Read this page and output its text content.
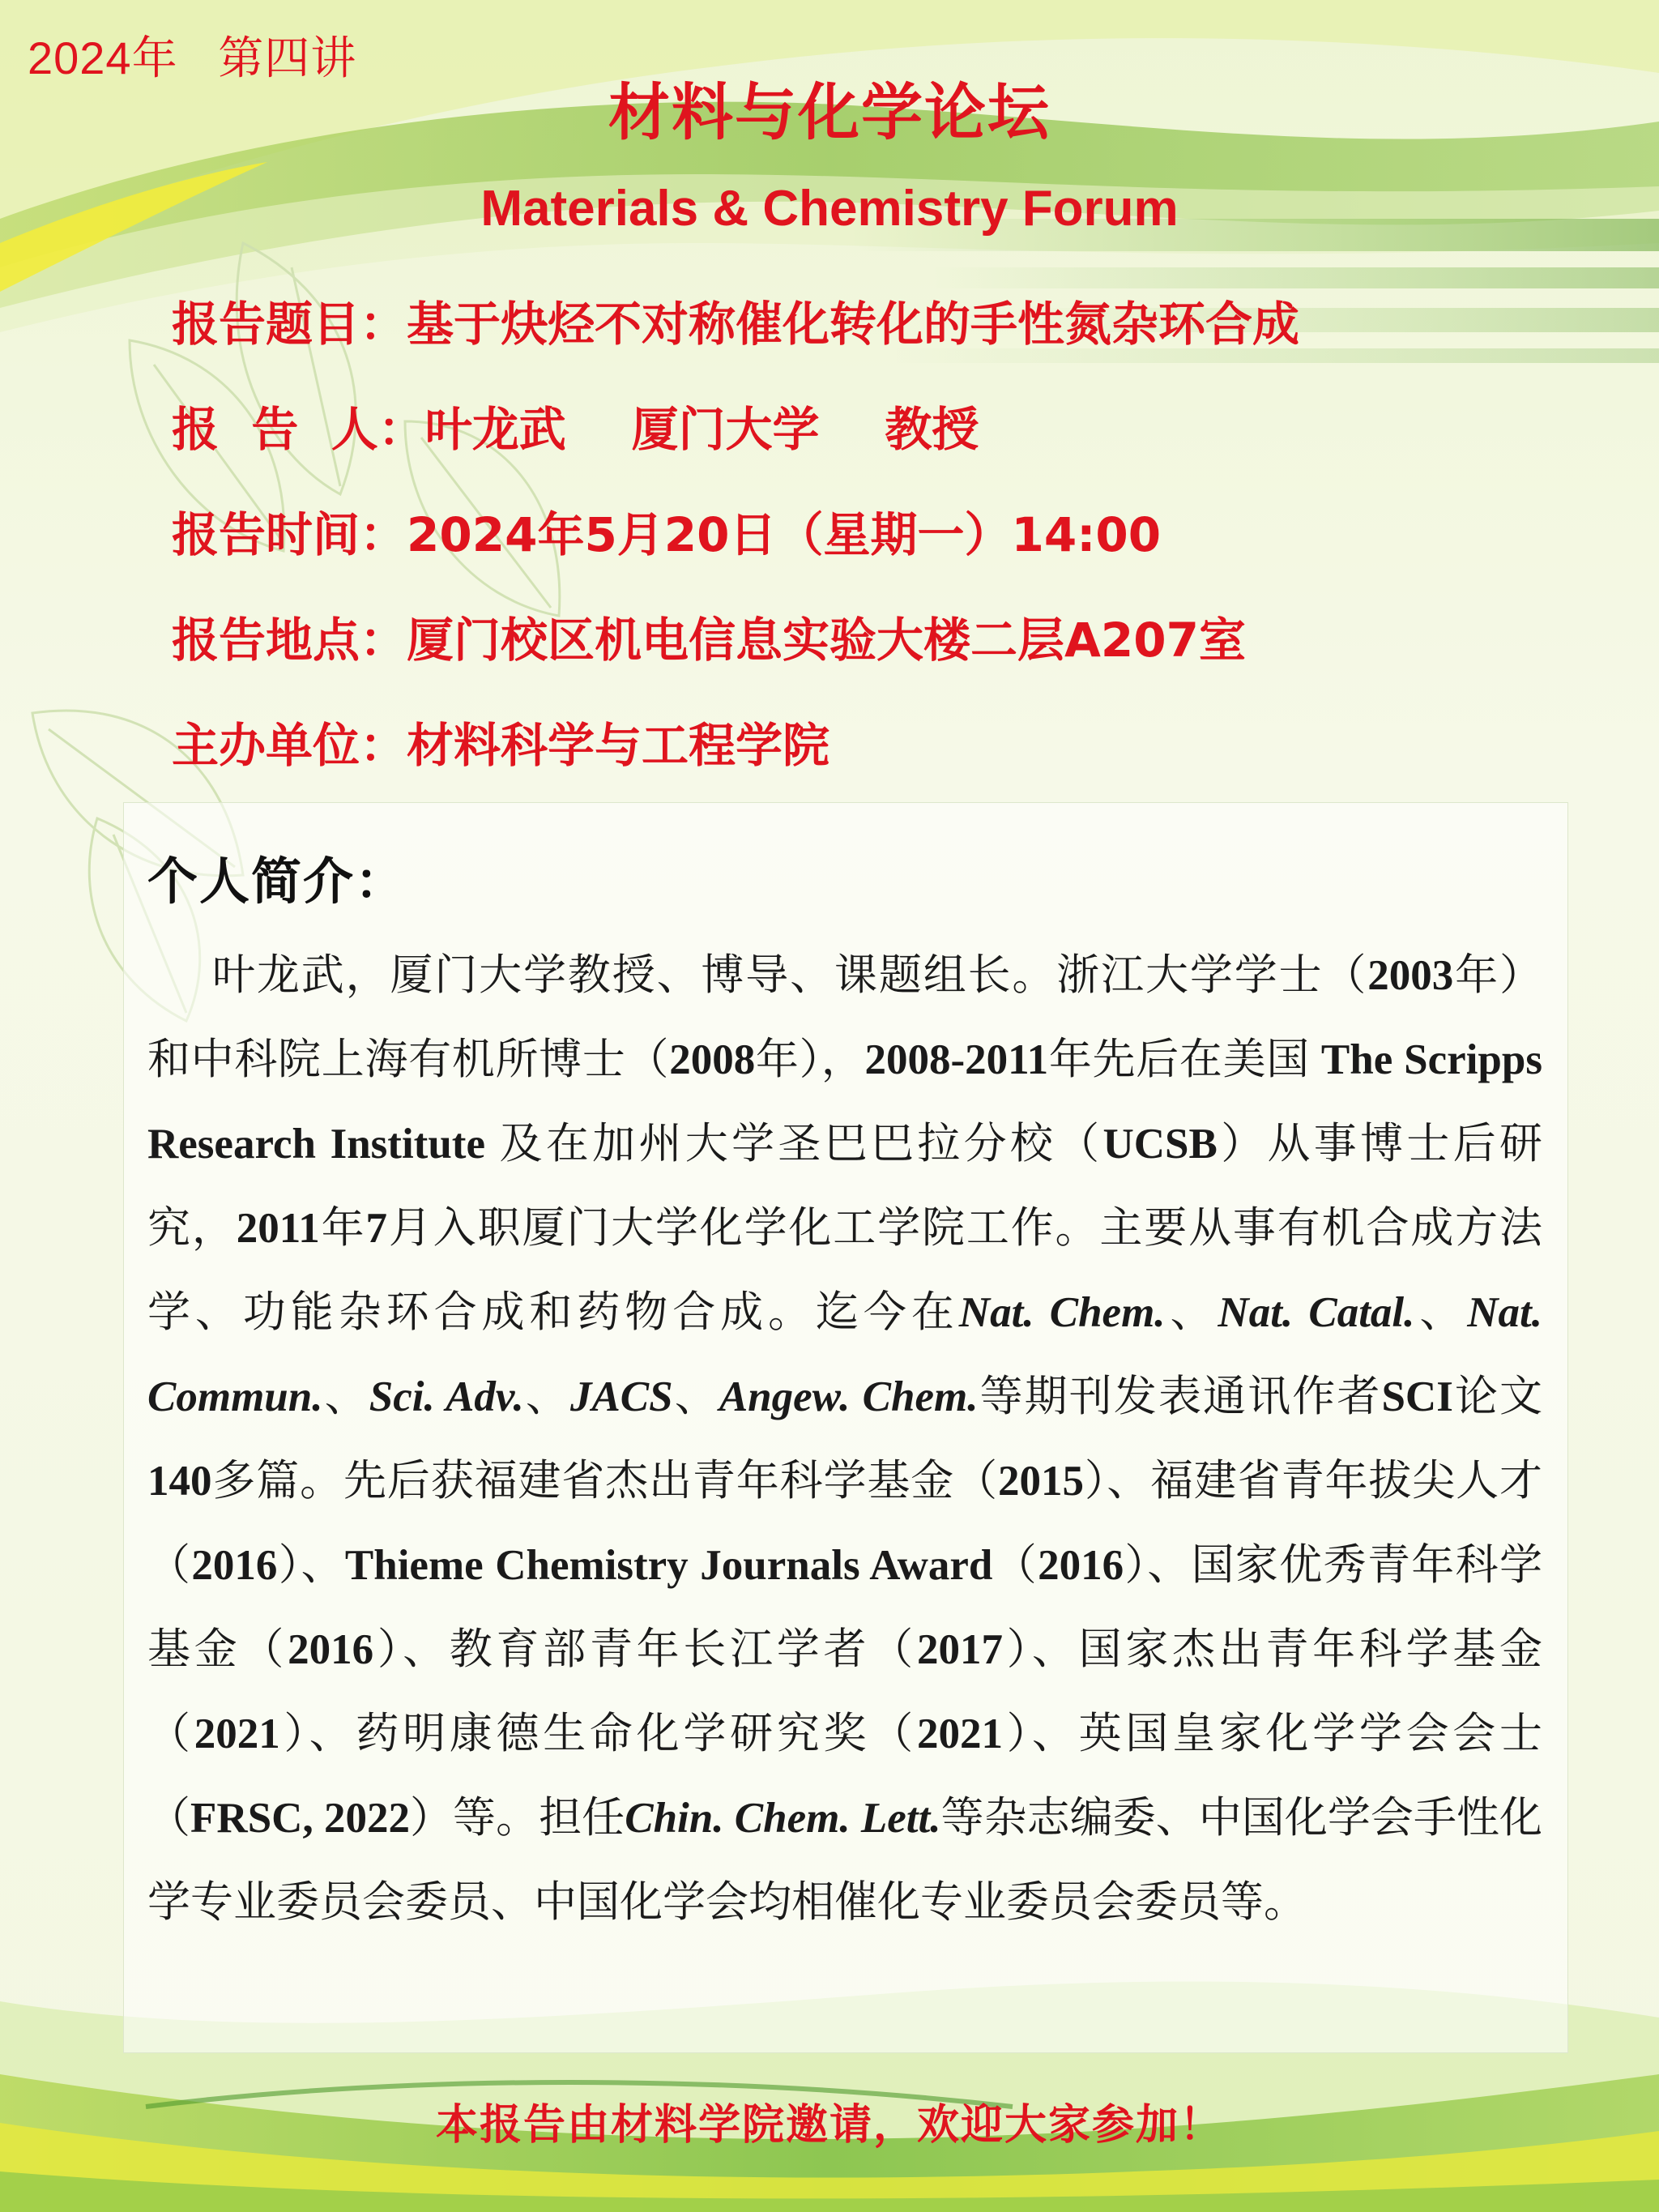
2024年 第四讲
材料与化学论坛
Materials & Chemistry Forum
报告题目：基于炔烃不对称催化转化的手性氮杂环合成
报  告  人：叶龙武    厦门大学    教授
报告时间：2024年5月20日（星期一）14:00
报告地点：厦门校区机电信息实验大楼二层A207室
主办单位：材料科学与工程学院
个人简介：

叶龙武，厦门大学教授、博导、课题组长。浙江大学学士（2003年）和中科院上海有机所博士（2008年），2008-2011年先后在美国 The Scripps Research Institute 及在加州大学圣巴巴拉分校（UCSB）从事博士后研究，2011年7月入职厦门大学化学化工学院工作。主要从事有机合成方法学、功能杂环合成和药物合成。迄今在Nat. Chem.、Nat. Catal.、Nat. Commun.、Sci. Adv.、JACS、Angew. Chem.等期刊发表通讯作者SCI论文140多篇。先后获福建省杰出青年科学基金（2015）、福建省青年拔尖人才（2016）、Thieme Chemistry Journals Award（2016）、国家优秀青年科学基金（2016）、教育部青年长江学者（2017）、国家杰出青年科学基金（2021）、药明康德生命化学研究奖（2021）、英国皇家化学学会会士（FRSC, 2022）等。担任Chin. Chem. Lett.等杂志编委、中国化学会手性化学专业委员会委员、中国化学会均相催化专业委员会委员等。

本报告由材料学院邀请，欢迎大家参加！
